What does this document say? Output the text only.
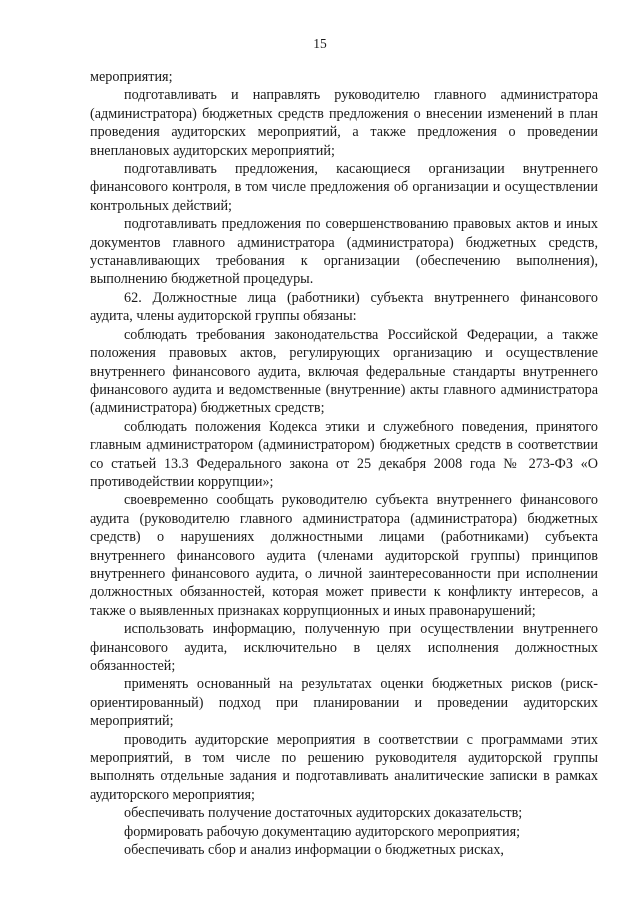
15

мероприятия;

подготавливать и направлять руководителю главного администратора (администратора) бюджетных средств предложения о внесении изменений в план проведения аудиторских мероприятий, а также предложения о проведении внеплановых аудиторских мероприятий;

подготавливать предложения, касающиеся организации внутреннего финансового контроля, в том числе предложения об организации и осуществлении контрольных действий;

подготавливать предложения по совершенствованию правовых актов и иных документов главного администратора (администратора) бюджетных средств, устанавливающих требования к организации (обеспечению выполнения), выполнению бюджетной процедуры.

62. Должностные лица (работники) субъекта внутреннего финансового аудита, члены аудиторской группы обязаны:

соблюдать требования законодательства Российской Федерации, а также положения правовых актов, регулирующих организацию и осуществление внутреннего финансового аудита, включая федеральные стандарты внутреннего финансового аудита и ведомственные (внутренние) акты главного администратора (администратора) бюджетных средств;

соблюдать положения Кодекса этики и служебного поведения, принятого главным администратором (администратором) бюджетных средств в соответствии со статьей 13.3 Федерального закона от 25 декабря 2008 года № 273-ФЗ «О противодействии коррупции»;

своевременно сообщать руководителю субъекта внутреннего финансового аудита (руководителю главного администратора (администратора) бюджетных средств) о нарушениях должностными лицами (работниками) субъекта внутреннего финансового аудита (членами аудиторской группы) принципов внутреннего финансового аудита, о личной заинтересованности при исполнении должностных обязанностей, которая может привести к конфликту интересов, а также о выявленных признаках коррупционных и иных правонарушений;

использовать информацию, полученную при осуществлении внутреннего финансового аудита, исключительно в целях исполнения должностных обязанностей;

применять основанный на результатах оценки бюджетных рисков (риск-ориентированный) подход при планировании и проведении аудиторских мероприятий;

проводить аудиторские мероприятия в соответствии с программами этих мероприятий, в том числе по решению руководителя аудиторской группы выполнять отдельные задания и подготавливать аналитические записки в рамках аудиторского мероприятия;

обеспечивать получение достаточных аудиторских доказательств;

формировать рабочую документацию аудиторского мероприятия;

обеспечивать сбор и анализ информации о бюджетных рисках,
